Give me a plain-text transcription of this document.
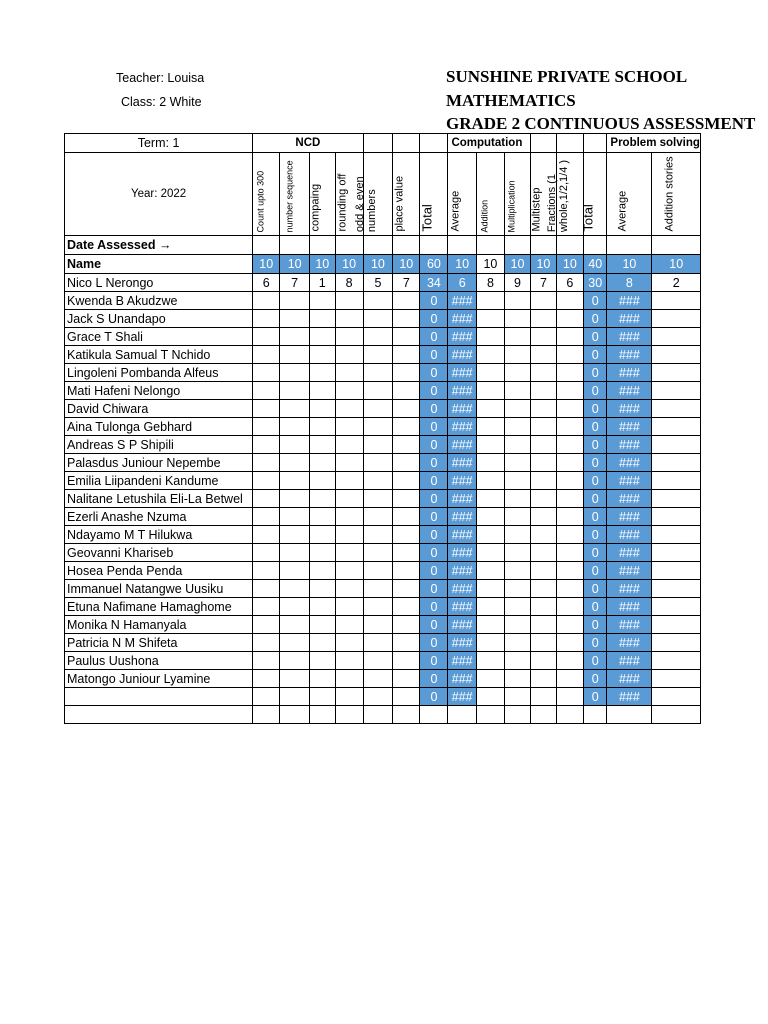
Teacher: Louisa
Class: 2 White
SUNSHINE PRIVATE SCHOOL
MATHEMATICS
GRADE 2 CONTINUOUS ASSESSMENT
Term: 1	NCD							Computation						Problem solving	
Year: 2022	Count upto 300	number sequence	compaing	rounding off	odd & even numbers	place value	Total	Average	Addition	Multiplication	Multistep	Fractions (1 whole,1/2,1/4 )	Total	Average	Addition stories

Date Assessed →															
Name	10	10	10	10	10	10	60	10	10	10	10	10	40	10	10
Nico L Nerongo	6	7	1	8	5	7	34	6	8	9	7	6	30	8	2
Kwenda B Akudzwe							0	###					0	###	
Jack S Unandapo							0	###					0	###	
Grace T Shali							0	###					0	###	
Katikula Samual T Nchido							0	###					0	###	
Lingoleni Pombanda Alfeus							0	###					0	###	
Mati Hafeni Nelongo							0	###					0	###	
David Chiwara							0	###					0	###	
Aina Tulonga Gebhard							0	###					0	###	
Andreas S P Shipili							0	###					0	###	
Palasdus Juniour Nepembe							0	###					0	###	
Emilia Liipandeni Kandume							0	###					0	###	
Nalitane Letushila Eli-La Betwel							0	###					0	###	
Ezerli Anashe Nzuma							0	###					0	###	
Ndayamo M T Hilukwa							0	###					0	###	
Geovanni Khariseb							0	###					0	###	
Hosea Penda Penda							0	###					0	###	
Immanuel Natangwe Uusiku							0	###					0	###	
Etuna Nafimane Hamaghome							0	###					0	###	
Monika N Hamanyala							0	###					0	###	
Patricia N M Shifeta							0	###					0	###	
Paulus Uushona							0	###					0	###	
Matongo Juniour Lyamine							0	###					0	###	
							0	###					0	###	
